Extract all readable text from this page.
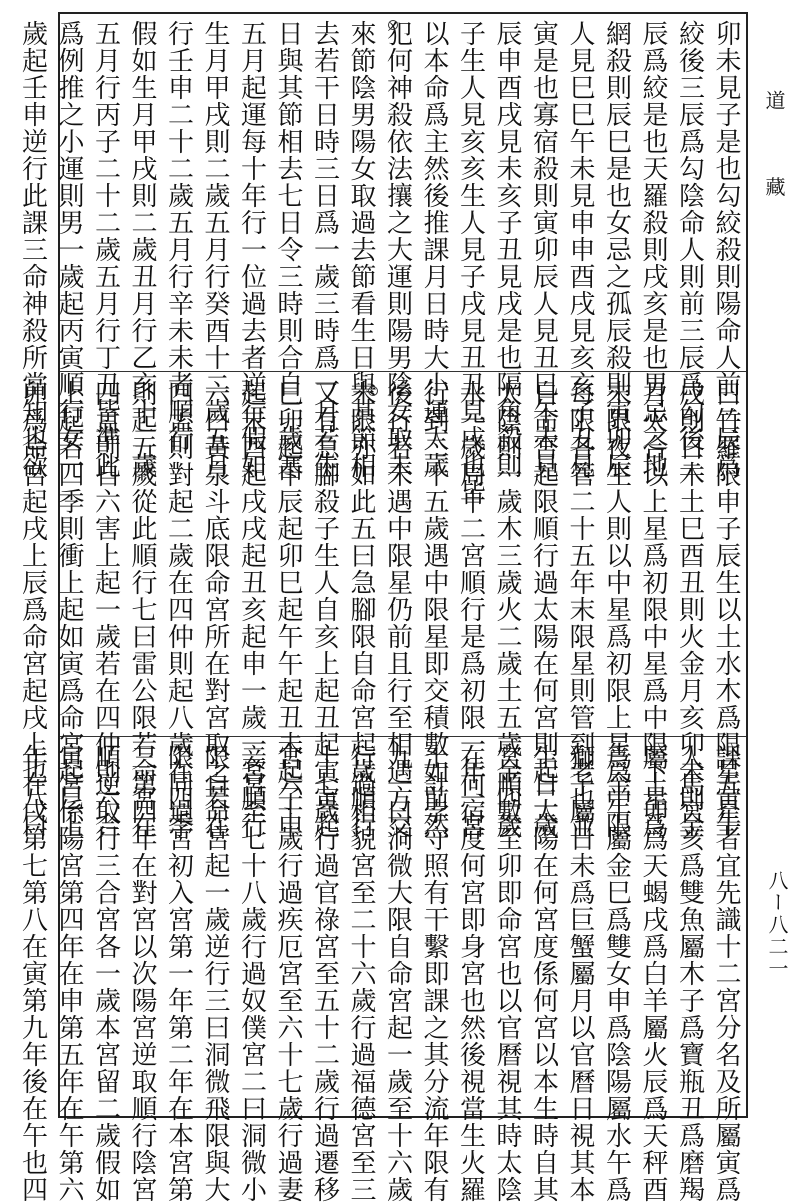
卯未見子是也勾絞殺則陽命人前三辰爲

絞後三辰爲勾陰命人則前三辰爲勾後三

辰爲絞是也天羅殺則戌亥是也男忌之地

網殺則辰巳是也女忌之孤辰殺則寅卯辰

人見巳巳午未見申申酉戌見亥亥子丑見

寅是也寡宿殺則寅卯辰人見丑巳午未見

辰申酉戌見未亥子丑見戌是也隔角殺則

子生人見亥亥生人見子戌見丑丑見戌也皆

以本命爲主然後推課月日時大小運太歲

犯何神殺依法攘之大運則陽男陰女取未

來節陰男陽女取過去節看生日與其節相

去若干日時三日爲一歲三時爲一月若生

日與其節相去七日令三時則合自二歲寒

五月起運每十年行一位過去者逆行假如

生月甲戌則二歲五月行癸酉十二歲五月

行壬申二十二歲五月行辛未未者順行

假如生月甲戌則二歲丑月行乙亥十二歲

五月行丙子二十二歲五月行丁丑皆準此

爲例推之小運則男一歲起丙寅順行女一

歲起壬申逆行此課三命神殺所當知也欲

曰竹羅限申子辰生以土水木爲限星寅午

戌則日木土巳酉丑則火金月亥卯未則金

月火合以上星爲初限中星爲中限下星爲

末限夜生人則以中星爲初限上星爲中限

每限各管二十五年末限星則管到老也並

自命宮起限順行過太陽在何宮則起二歲

太陰則一歲木三歲火二歲土五歲金四歲

水一歲周十二宮順行是爲初限一年一宮

行到二十五歲遇中限星即交積數如前然

後行若未遇中限星仍前且行至相遇方交

末限亦如此五曰急腳限自命宮起歲順行

又有急腳殺子生人自亥上起丑起寅寅起

巳卯起申辰起卯巳起午午起丑未起子申

起未酉起戌戌起丑亥起申一歲一宮順行

六曰黃泉斗底限命宮所在對宮取之若在

四孟則對起二歲在四仲則起八歲在四季

則起五歲從此順行七曰雷公限若命宮在

四孟則自六害上起一歲若在四仲則六合

上起若四季則衝上起如寅爲命宮起巳上

卯爲命宮起戌上辰爲命宮起戌上也八曰

課五星者宜先識十二宮分名及所屬寅爲

人馬宮亥爲雙魚屬木子爲寶瓶丑爲磨羯

屬土卯爲天蝎戌爲白羊屬火辰爲天秤酉

爲金牛屬金巳爲雙女申爲陰陽屬水午爲

獅子屬日未爲巨蟹屬月以官曆日視其本

生日太陽在何宮度係何宮以本生時自其

宮順數至卯即命宮也以官曆視其時太陰

在何宿度何宮即身宮也然後視當生火羅

土計孛守照有干繫即課之其分流年限有

九一曰洞微大限自命宮起一歲至十六歲

行過相貌宮至二十六歲行過福德宮至三

十七歲行過官祿宮至五十二歲行過遷移

宮六十歲行過疾厄宮至六十七歲行過妻

妾宮至七十八歲行過奴僕宮二曰洞微小

限自命宮起一歲逆行三曰洞微飛限與大

限同過宮初入宮第一年第二年在本宮第

三第四年在對宮以次陽宮逆取順行陰宮

順逆取行三合宮各一歲本宮留二歲假如

寅宮係陽宮第四年在申第五年在午第六

年在戌第七第八在寅第九年後在午也四

道 藏
八ー八二一
